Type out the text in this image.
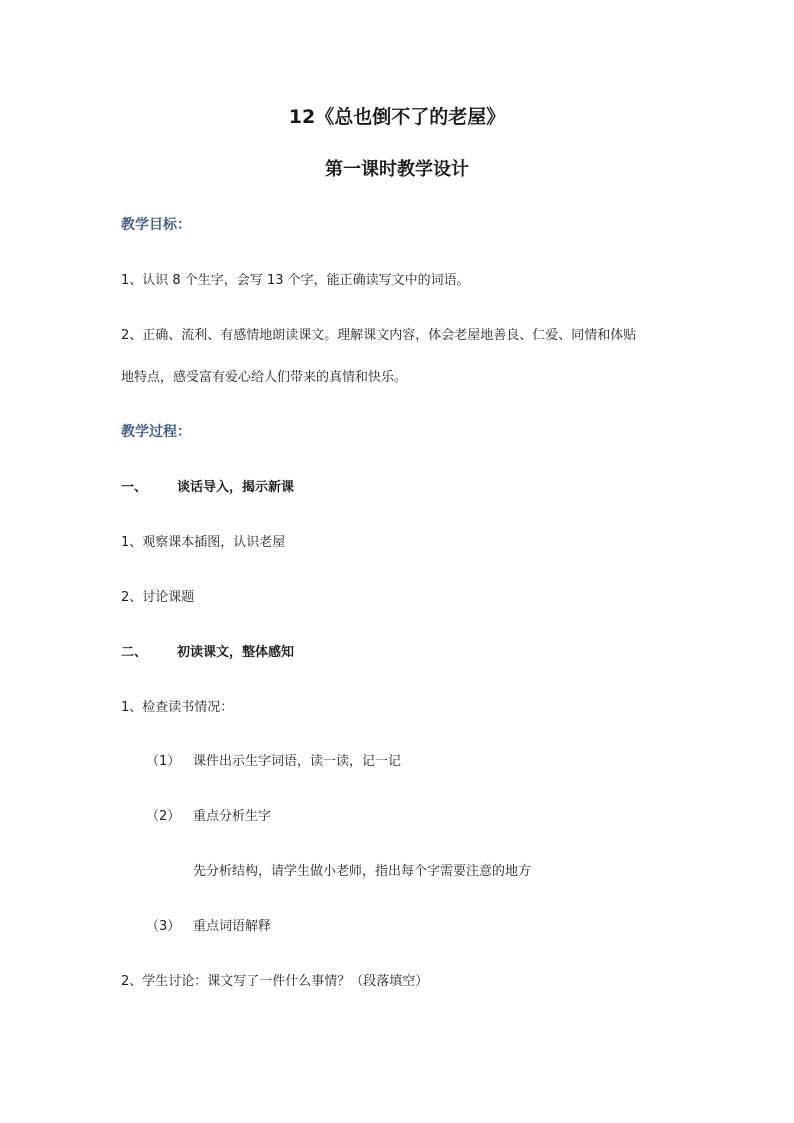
12《总也倒不了的老屋》
第一课时教学设计
教学目标：
1、认识 8 个生字，会写 13 个字，能正确读写文中的词语。
2、正确、流利、有感情地朗读课文。理解课文内容，体会老屋地善良、仁爱、同情和体贴
地特点，感受富有爱心给人们带来的真情和快乐。
教学过程：
一、 谈话导入，揭示新课
1、观察课本插图，认识老屋
2、讨论课题
二、 初读课文，整体感知
1、检查读书情况：
（1） 课件出示生字词语，读一读，记一记
（2） 重点分析生字
先分析结构，请学生做小老师，指出每个字需要注意的地方
（3） 重点词语解释
2、学生讨论：课文写了一件什么事情？（段落填空）
